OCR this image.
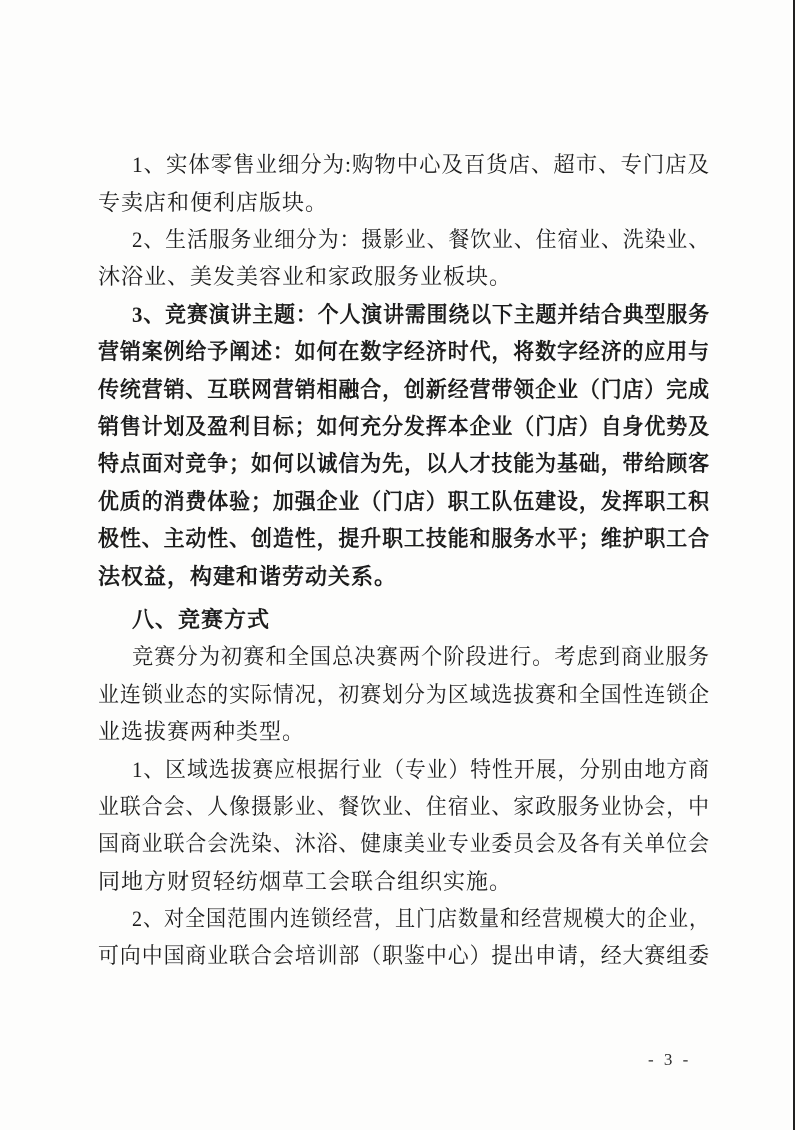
1、实体零售业细分为:购物中心及百货店、超市、专门店及
专卖店和便利店版块。
2、生活服务业细分为：摄影业、餐饮业、住宿业、洗染业、
沐浴业、美发美容业和家政服务业板块。
3、竞赛演讲主题：个人演讲需围绕以下主题并结合典型服务
营销案例给予阐述：如何在数字经济时代，将数字经济的应用与
传统营销、互联网营销相融合，创新经营带领企业（门店）完成
销售计划及盈利目标；如何充分发挥本企业（门店）自身优势及
特点面对竞争；如何以诚信为先，以人才技能为基础，带给顾客
优质的消费体验；加强企业（门店）职工队伍建设，发挥职工积
极性、主动性、创造性，提升职工技能和服务水平；维护职工合
法权益，构建和谐劳动关系。
八、竞赛方式
竞赛分为初赛和全国总决赛两个阶段进行。考虑到商业服务
业连锁业态的实际情况，初赛划分为区域选拔赛和全国性连锁企
业选拔赛两种类型。
1、区域选拔赛应根据行业（专业）特性开展，分别由地方商
业联合会、人像摄影业、餐饮业、住宿业、家政服务业协会，中
国商业联合会洗染、沐浴、健康美业专业委员会及各有关单位会
同地方财贸轻纺烟草工会联合组织实施。
2、对全国范围内连锁经营，且门店数量和经营规模大的企业，
可向中国商业联合会培训部（职鉴中心）提出申请，经大赛组委
- 3 -
